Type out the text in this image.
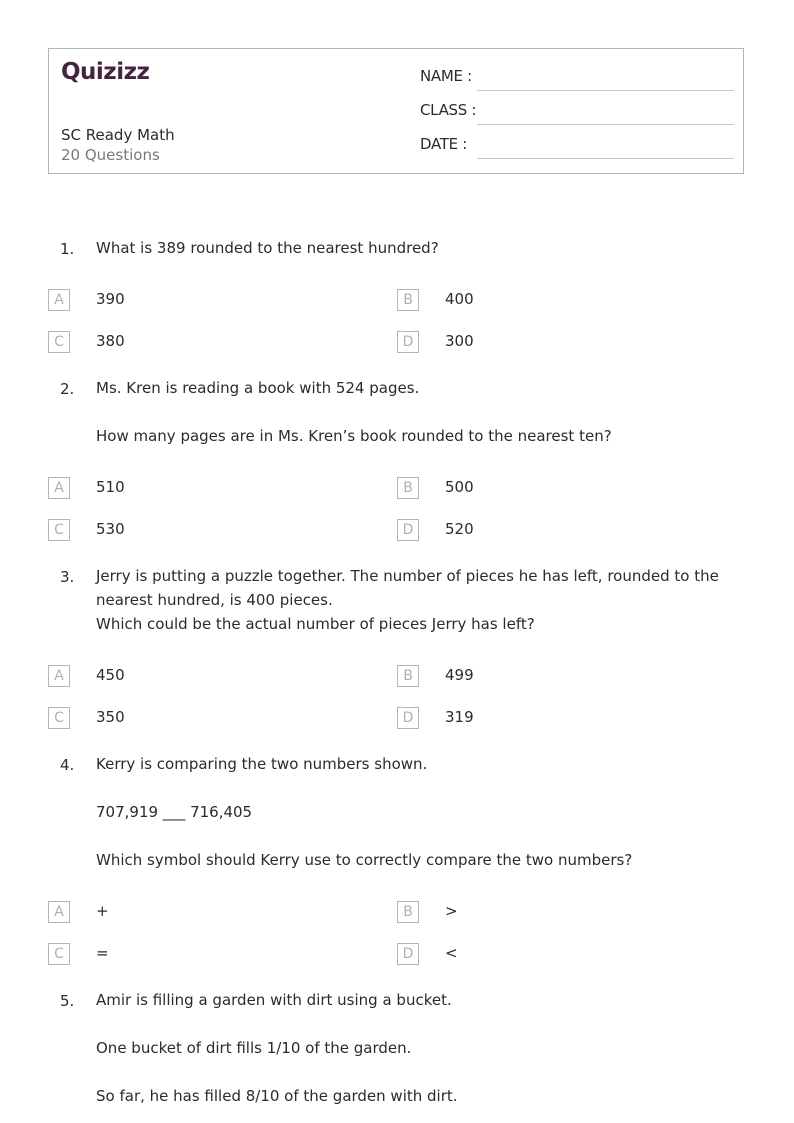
Quizizz
SC Ready Math
20 Questions
NAME :
CLASS :
DATE :
1. What is 389 rounded to the nearest hundred?

A	390	B	400
C	380	D	300
2. Ms. Kren is reading a book with 524 pages.

How many pages are in Ms. Kren’s book rounded to the nearest ten?

A	510	B	500
C	530	D	520
3. Jerry is putting a puzzle together. The number of pieces he has left, rounded to the nearest hundred, is 400 pieces.

Which could be the actual number of pieces Jerry has left?

A	450	B	499
C	350	D	319
4. Kerry is comparing the two numbers shown.

707,919 ___ 716,405

Which symbol should Kerry use to correctly compare the two numbers?

A	+	B	>
C	=	D	<
5. Amir is filling a garden with dirt using a bucket.

One bucket of dirt fills 1/10 of the garden.

So far, he has filled 8/10 of the garden with dirt.
